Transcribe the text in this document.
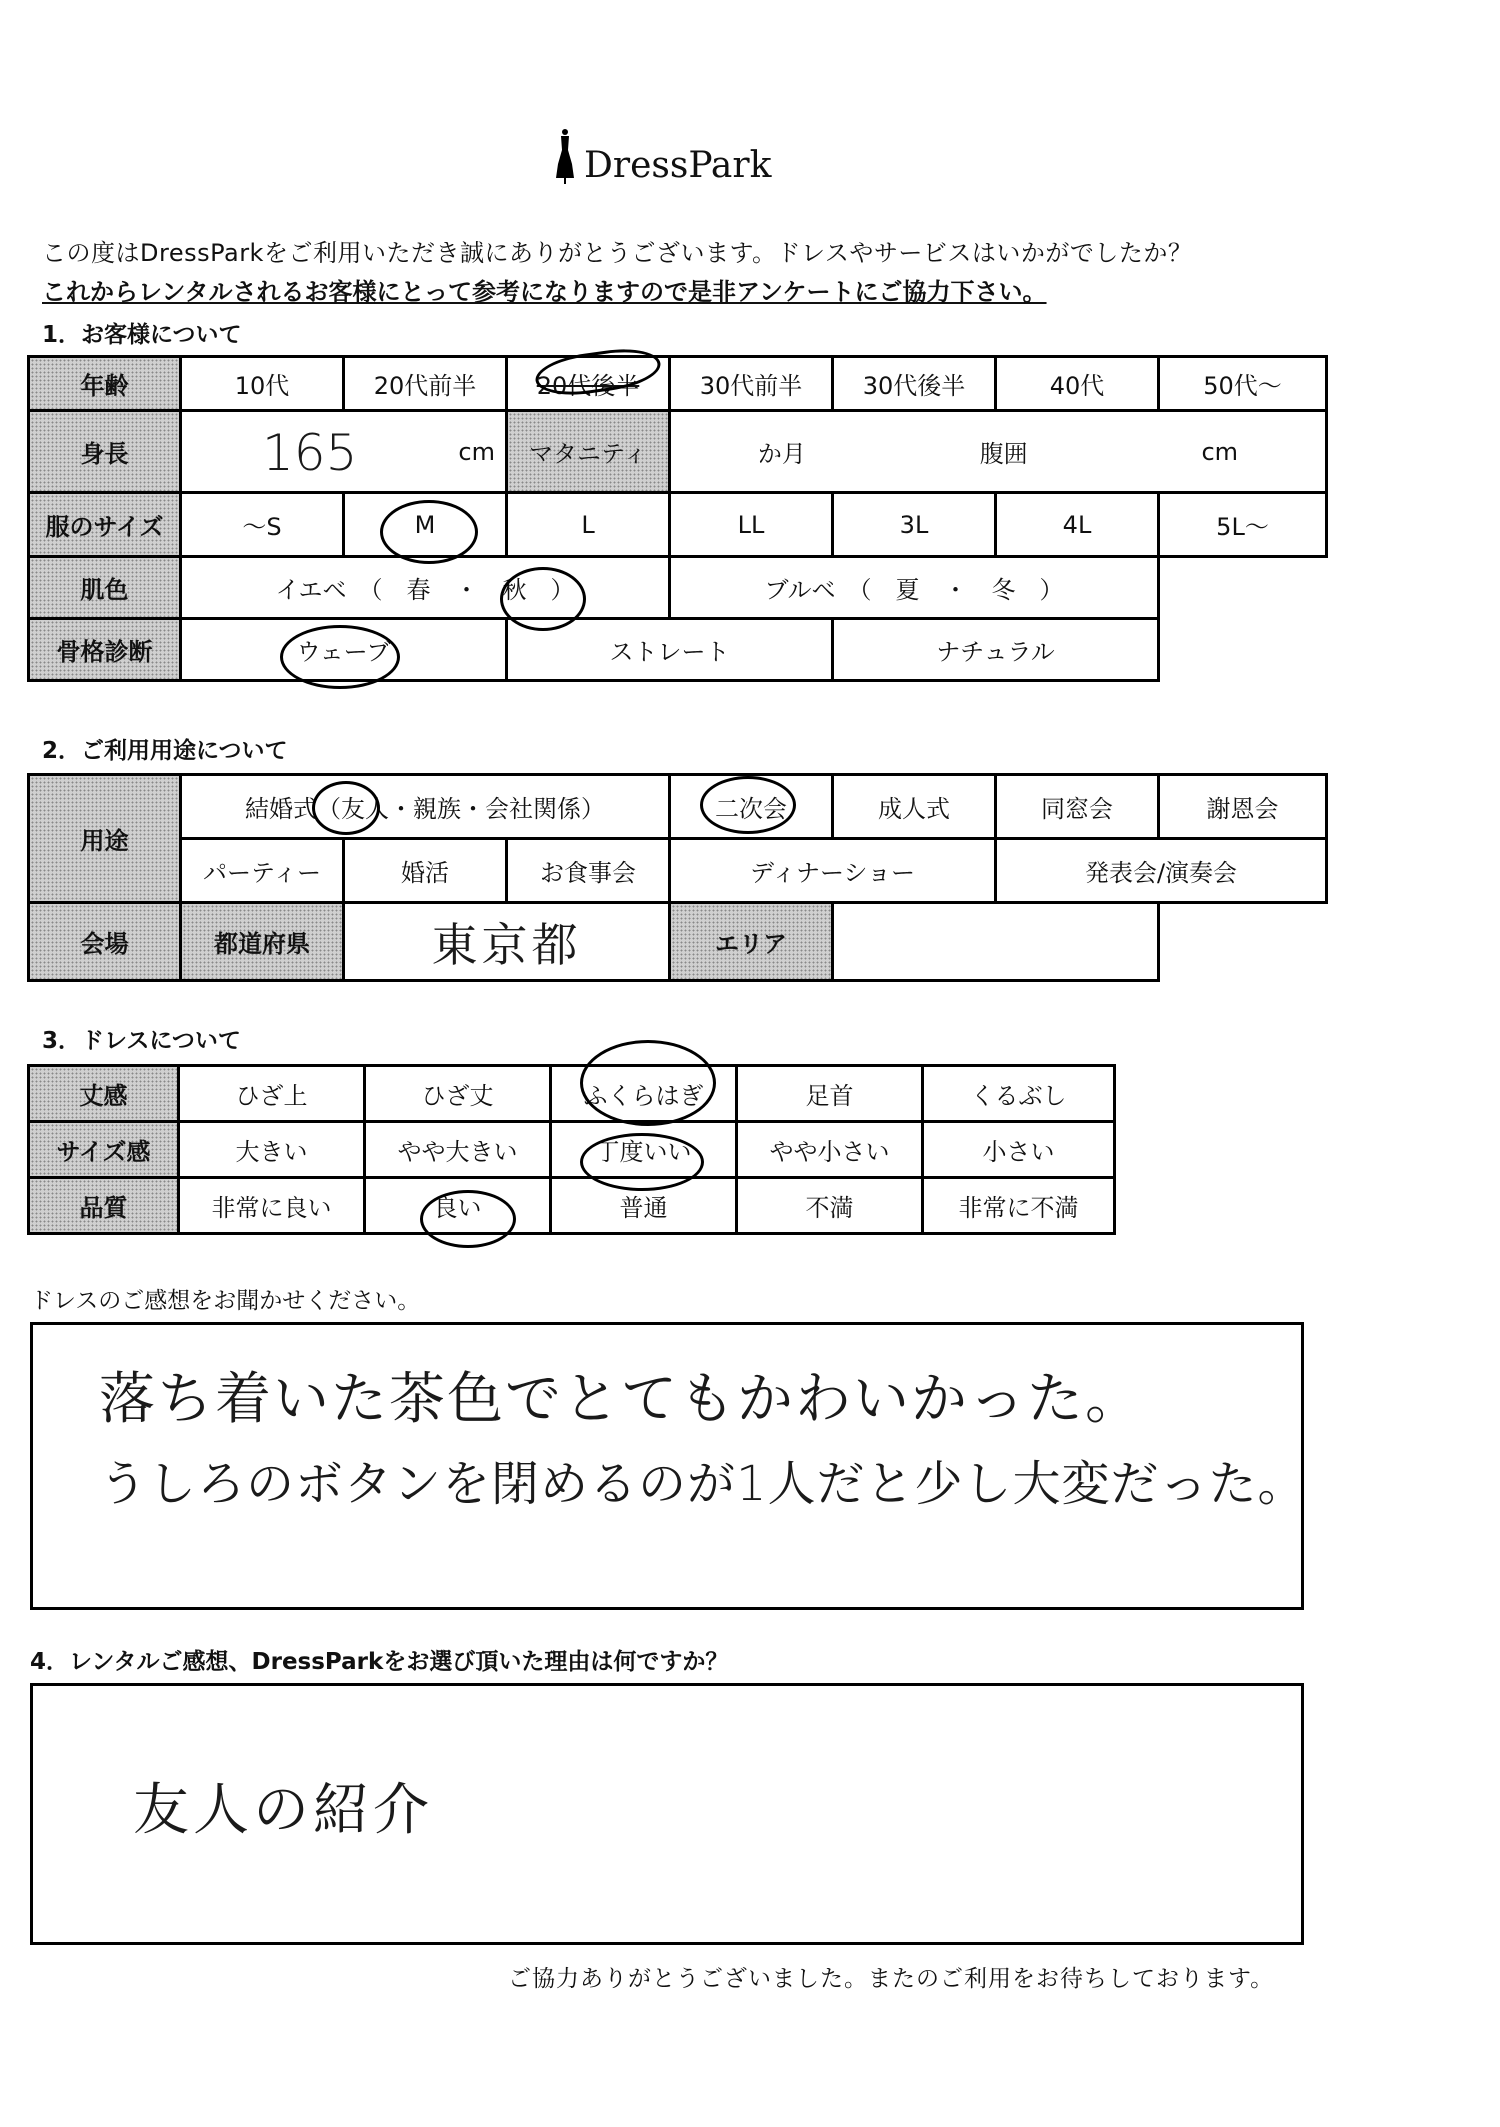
DressPark
この度はDressParkをご利用いただき誠にありがとうございます。ドレスやサービスはいかがでしたか？
これからレンタルされるお客様にとって参考になりますので是非アンケートにご協力下さい。
1．お客様について
年齢	10代	20代前半	20代後半	30代前半	30代後半	40代	50代〜
身長	165 cm		マタニティ	か月 腹囲 cm			

服のサイズ	〜S	M	L	LL	3L	4L	5L〜
肌色	イエベ　（　春　・　秋　）			ブルベ　（　夏　・　冬　）			
骨格診断	ウェーブ		ストレート		ナチュラル		
2．ご利用用途について
用途	結婚式（友人・親族・会社関係）			二次会	成人式	同窓会	謝恩会
	パーティー	婚活	お食事会	ディナーショー		発表会/演奏会	
会場	都道府県	東京都		エリア			
3．ドレスについて
丈感	ひざ上	ひざ丈	ふくらはぎ	足首	くるぶし
サイズ感	大きい	やや大きい	丁度いい	やや小さい	小さい
品質	非常に良い	良い	普通	不満	非常に不満
ドレスのご感想をお聞かせください。
落ち着いた茶色でとてもかわいかった。
うしろのボタンを閉めるのが1人だと少し大変だった。
4．レンタルご感想、DressParkをお選び頂いた理由は何ですか？
友人の紹介
ご協力ありがとうございました。またのご利用をお待ちしております。
